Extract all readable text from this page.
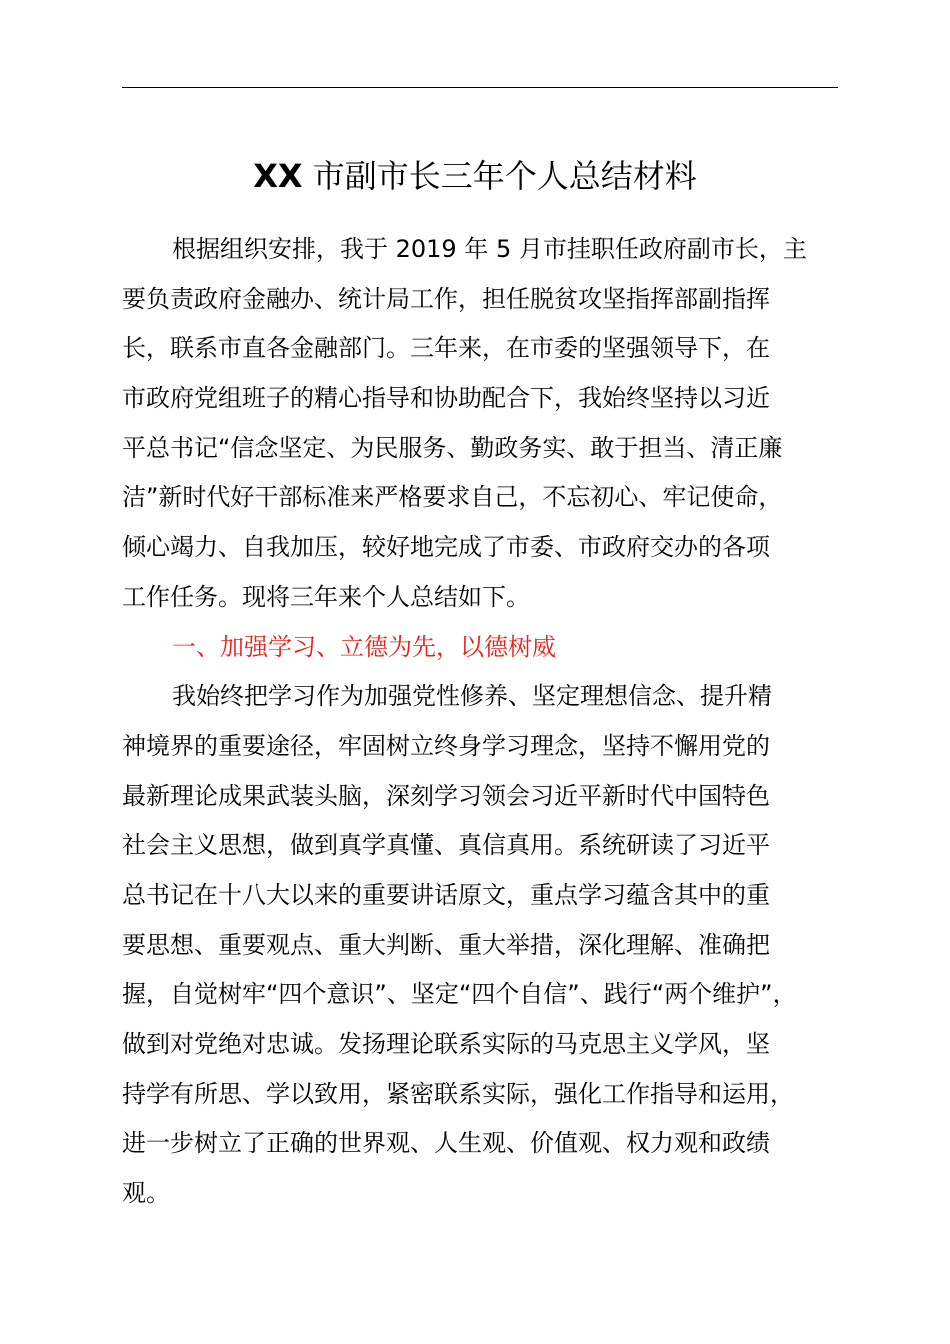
XX 市副市长三年个人总结材料
根据组织安排，我于 2019 年 5 月市挂职任政府副市长，主
要负责政府金融办、统计局工作，担任脱贫攻坚指挥部副指挥
长，联系市直各金融部门。三年来，在市委的坚强领导下，在
市政府党组班子的精心指导和协助配合下，我始终坚持以习近
平总书记“信念坚定、为民服务、勤政务实、敢于担当、清正廉
洁”新时代好干部标准来严格要求自己，不忘初心、牢记使命，
倾心竭力、自我加压，较好地完成了市委、市政府交办的各项
工作任务。现将三年来个人总结如下。
一、加强学习、立德为先，以德树威
我始终把学习作为加强党性修养、坚定理想信念、提升精
神境界的重要途径，牢固树立终身学习理念，坚持不懈用党的
最新理论成果武装头脑，深刻学习领会习近平新时代中国特色
社会主义思想，做到真学真懂、真信真用。系统研读了习近平
总书记在十八大以来的重要讲话原文，重点学习蕴含其中的重
要思想、重要观点、重大判断、重大举措，深化理解、准确把
握，自觉树牢“四个意识”、坚定“四个自信”、践行“两个维护”，
做到对党绝对忠诚。发扬理论联系实际的马克思主义学风，坚
持学有所思、学以致用，紧密联系实际，强化工作指导和运用，
进一步树立了正确的世界观、人生观、价值观、权力观和政绩
观。
